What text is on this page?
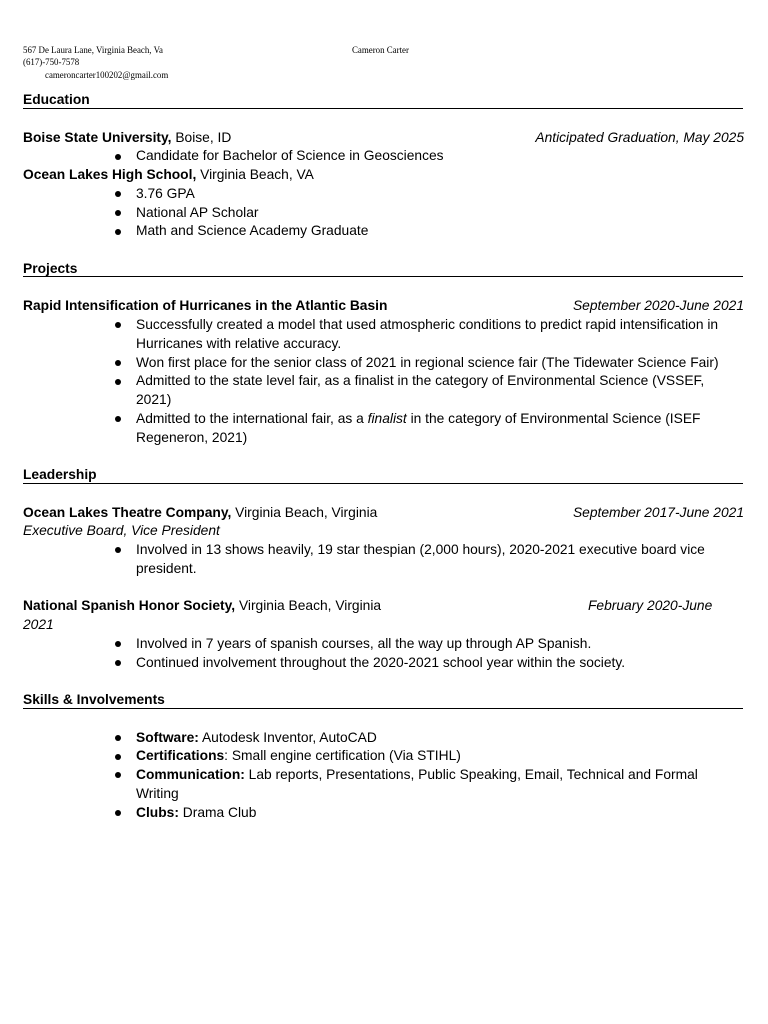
567 De Laura Lane, Virginia Beach, Va	Cameron Carter
(617)-750-7578
cameroncarter100202@gmail.com
Education
Boise State University, Boise, ID	Anticipated Graduation, May 2025
Candidate for Bachelor of Science in Geosciences
Ocean Lakes High School, Virginia Beach, VA
3.76 GPA
National AP Scholar
Math and Science Academy Graduate
Projects
Rapid Intensification of Hurricanes in the Atlantic Basin	September 2020-June 2021
Successfully created a model that used atmospheric conditions to predict rapid intensification in Hurricanes with relative accuracy.
Won first place for the senior class of 2021 in regional science fair (The Tidewater Science Fair)
Admitted to the state level fair, as a finalist in the category of Environmental Science (VSSEF, 2021)
Admitted to the international fair, as a finalist in the category of Environmental Science (ISEF Regeneron, 2021)
Leadership
Ocean Lakes Theatre Company, Virginia Beach, Virginia	September 2017-June 2021
Executive Board, Vice President
Involved in 13 shows heavily, 19 star thespian (2,000 hours), 2020-2021 executive board vice president.
National Spanish Honor Society, Virginia Beach, Virginia	February 2020-June
2021
Involved in 7 years of spanish courses, all the way up through AP Spanish.
Continued involvement throughout the 2020-2021 school year within the society.
Skills & Involvements
Software: Autodesk Inventor, AutoCAD
Certifications: Small engine certification (Via STIHL)
Communication: Lab reports, Presentations, Public Speaking, Email, Technical and Formal Writing
Clubs: Drama Club
